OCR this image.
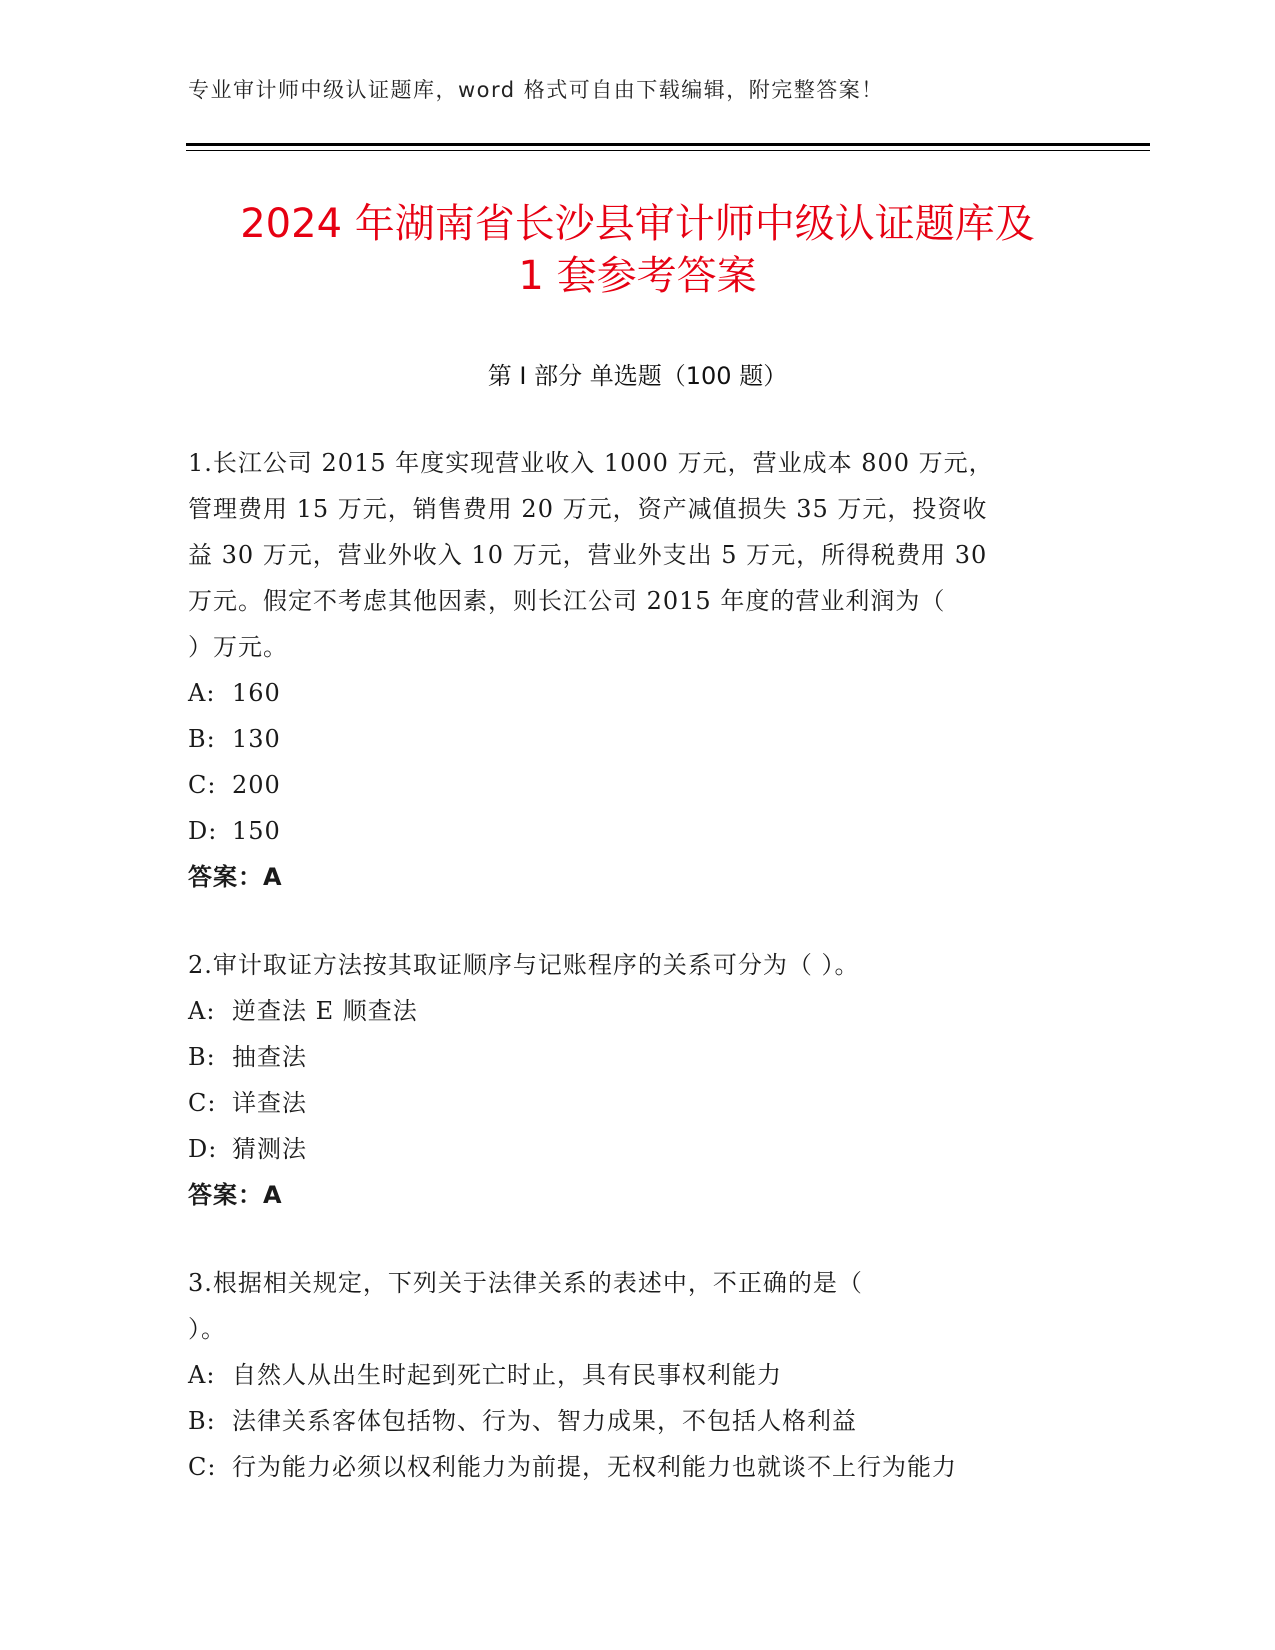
专业审计师中级认证题库，word 格式可自由下载编辑，附完整答案！
2024 年湖南省长沙县审计师中级认证题库及
1 套参考答案
第 I 部分 单选题（100 题）
1.长江公司 2015 年度实现营业收入 1000 万元，营业成本 800 万元，
管理费用 15 万元，销售费用 20 万元，资产减值损失 35 万元，投资收
益 30 万元，营业外收入 10 万元，营业外支出 5 万元，所得税费用 30
万元。假定不考虑其他因素，则长江公司 2015 年度的营业利润为（
）万元。
A: 160
B: 130
C: 200
D: 150
答案：A
2.审计取证方法按其取证顺序与记账程序的关系可分为（ ）。
A: 逆查法 E 顺查法
B: 抽查法
C: 详查法
D: 猜测法
答案：A
3.根据相关规定，下列关于法律关系的表述中，不正确的是（
）。
A: 自然人从出生时起到死亡时止，具有民事权利能力
B: 法律关系客体包括物、行为、智力成果，不包括人格利益
C: 行为能力必须以权利能力为前提，无权利能力也就谈不上行为能力
